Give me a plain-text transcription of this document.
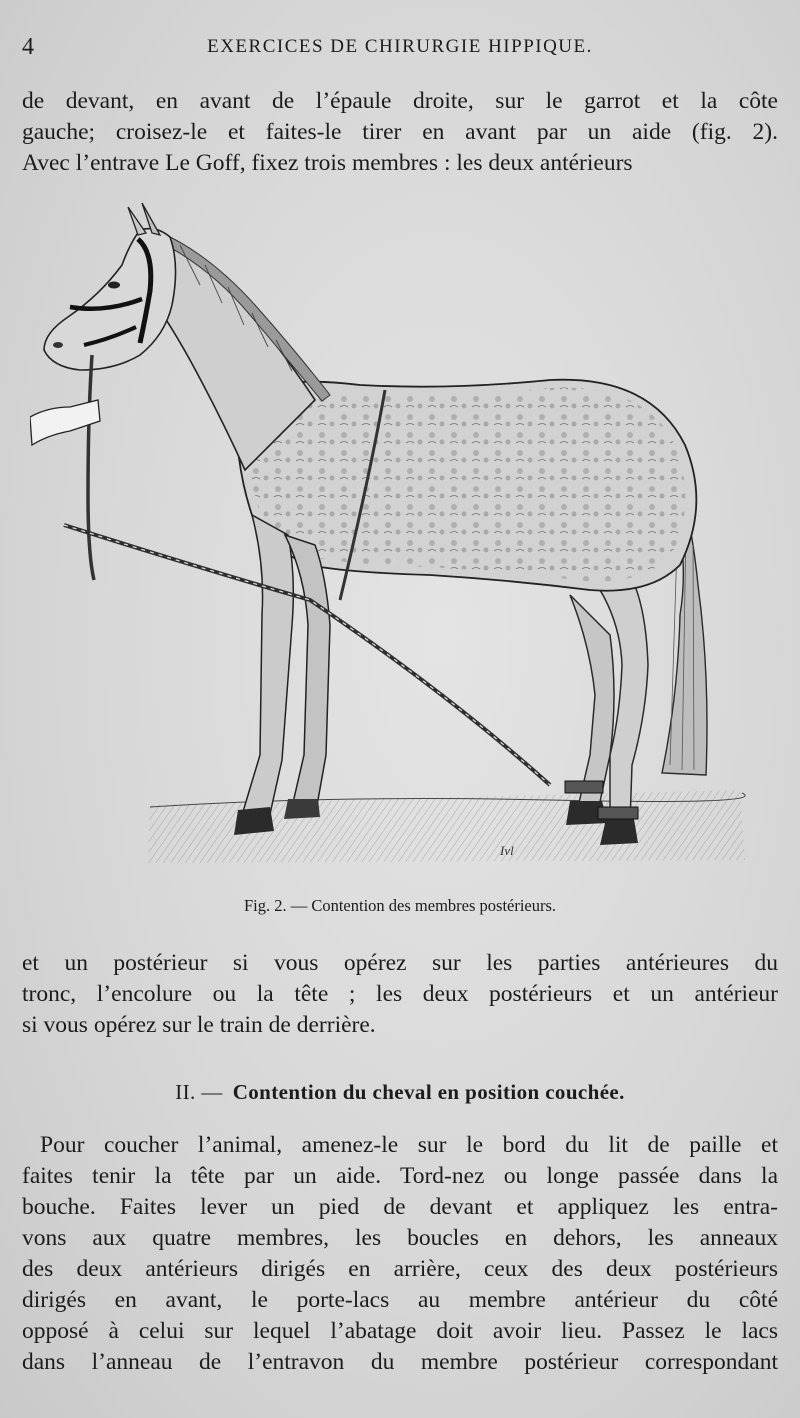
4	EXERCICES DE CHIRURGIE HIPPIQUE.
de devant, en avant de l’épaule droite, sur le garrot et la côte
gauche; croisez-le et faites-le tirer en avant par un aide (fig. 2).
Avec l’entrave Le Goff, fixez trois membres : les deux antérieurs
Ivl
Fig. 2. — Contention des membres postérieurs.
et un postérieur si vous opérez sur les parties antérieures du
tronc, l’encolure ou la tête ; les deux postérieurs et un antérieur
si vous opérez sur le train de derrière.
II. — Contention du cheval en position couchée.
Pour coucher l’animal, amenez-le sur le bord du lit de paille et
faites tenir la tête par un aide. Tord-nez ou longe passée dans la
bouche. Faites lever un pied de devant et appliquez les entra-
vons aux quatre membres, les boucles en dehors, les anneaux
des deux antérieurs dirigés en arrière, ceux des deux postérieurs
dirigés en avant, le porte-lacs au membre antérieur du côté
opposé à celui sur lequel l’abatage doit avoir lieu. Passez le lacs
dans l’anneau de l’entravon du membre postérieur correspondant
